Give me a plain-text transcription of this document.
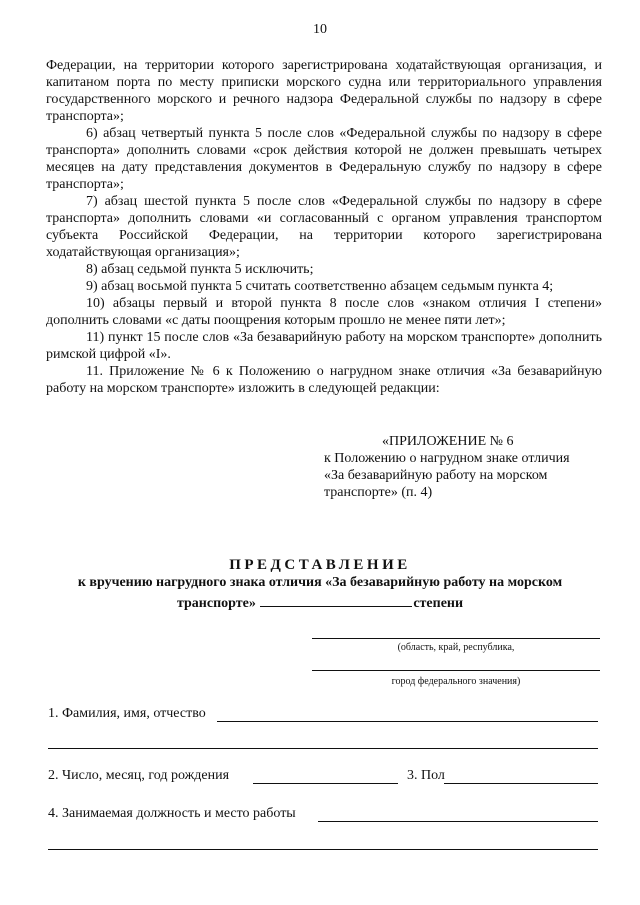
10

Федерации, на территории которого зарегистрирована ходатайствующая организация, и капитаном порта по месту приписки морского судна или территориального управления государственного морского и речного надзора Федеральной службы по надзору в сфере транспорта»;

6) абзац четвертый пункта 5 после слов «Федеральной службы по надзору в сфере транспорта» дополнить словами «срок действия которой не должен превышать четырех месяцев на дату представления документов в Федеральную службу по надзору в сфере транспорта»;

7) абзац шестой пункта 5 после слов «Федеральной службы по надзору в сфере транспорта» дополнить словами «и согласованный с органом управления транспортом субъекта Российской Федерации, на территории которого зарегистрирована ходатайствующая организация»;

8) абзац седьмой пункта 5 исключить;

9) абзац восьмой пункта 5 считать соответственно абзацем седьмым пункта 4;

10) абзацы первый и второй пункта 8 после слов «знаком отличия I степени» дополнить словами «с даты поощрения которым прошло не менее пяти лет»;

11) пункт 15 после слов «За безаварийную работу на морском транспорте» дополнить римской цифрой «I».

11. Приложение № 6 к Положению о нагрудном знаке отличия «За безаварийную работу на морском транспорте» изложить в следующей редакции:

«ПРИЛОЖЕНИЕ № 6
к Положению о нагрудном знаке отличия
«За безаварийную работу на морском
транспорте» (п. 4)
ПРЕДСТАВЛЕНИЕ
к вручению нагрудного знака отличия «За безаварийную работу на морском
транспорте»	степени
(область, край, республика,
город федерального значения)
1. Фамилия, имя, отчество
2. Число, месяц, год рождения	3. Пол
4. Занимаемая должность и место работы
